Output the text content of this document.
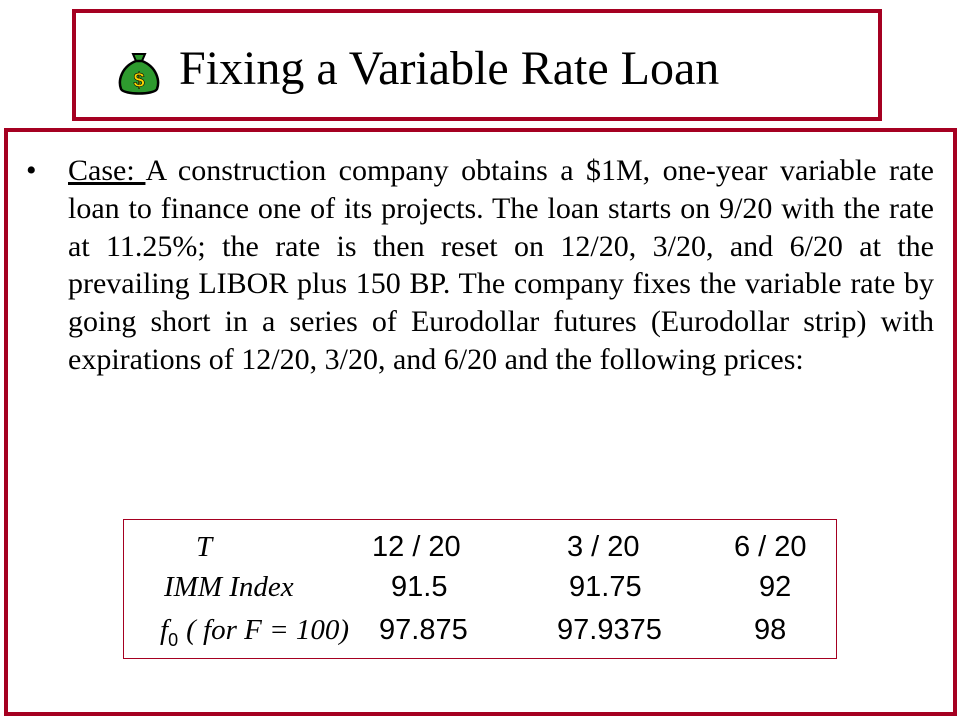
$ Fixing a Variable Rate Loan
• Case: A construction company obtains a $1M, one-year variable rate loan to finance one of its projects. The loan starts on 9/20 with the rate at 11.25%; the rate is then reset on 12/20, 3/20, and 6/20 at the prevailing LIBOR plus 150 BP. The company fixes the variable rate by going short in a series of Eurodollar futures (Eurodollar strip) with expirations of 12/20, 3/20, and 6/20 and the following prices:

T	12 / 20	3 / 20	6 / 20
IMM Index	91.5	91.75	92
$f_0$ ( for F = 100) 97.875	97.9375	98
